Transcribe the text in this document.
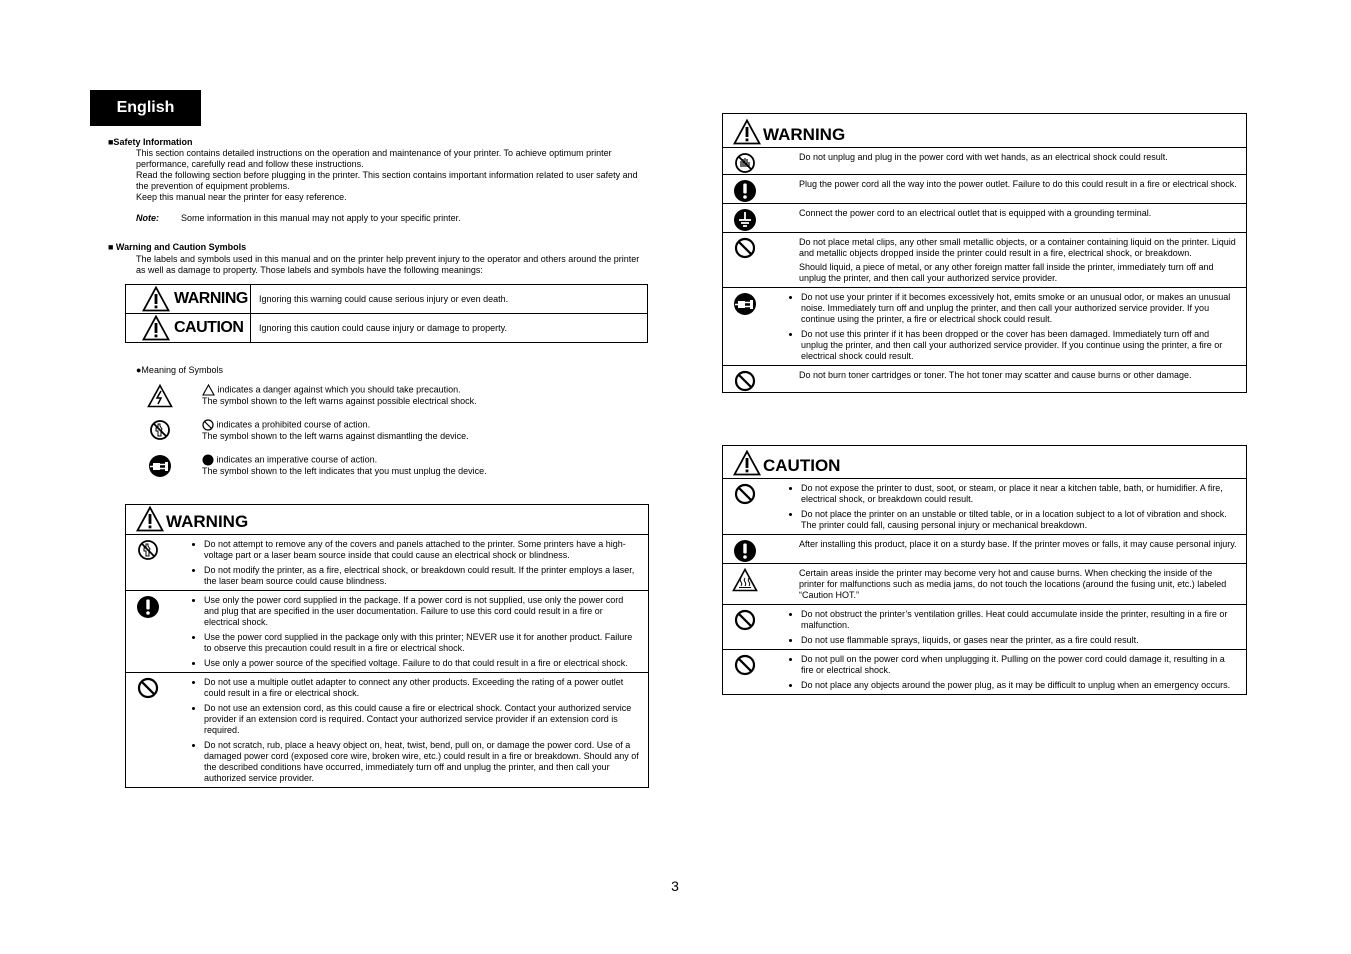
English
■Safety Information
This section contains detailed instructions on the operation and maintenance of your printer. To achieve optimum printer
performance, carefully read and follow these instructions.
Read the following section before plugging in the printer. This section contains important information related to user safety and
the prevention of equipment problems.
Keep this manual near the printer for easy reference.
Note: Some information in this manual may not apply to your specific printer.
■ Warning and Caution Symbols
The labels and symbols used in this manual and on the printer help prevent injury to the operator and others around the printer
as well as damage to property. Those labels and symbols have the following meanings:
WARNING	Ignoring this warning could cause serious injury or even death.

CAUTION	Ignoring this caution could cause injury or damage to property.
●Meaning of Symbols
indicates a danger against which you should take precaution.
The symbol shown to the left warns against possible electrical shock.
indicates a prohibited course of action.
The symbol shown to the left warns against dismantling the device.
indicates an imperative course of action.
The symbol shown to the left indicates that you must unplug the device.
WARNING
• Do not attempt to remove any of the covers and panels attached to the printer. Some printers have a high-voltage part or a laser beam source inside that could cause an electrical shock or blindness.
• Do not modify the printer, as a fire, electrical shock, or breakdown could result. If the printer employs a laser, the laser beam source could cause blindness.
• Use only the power cord supplied in the package. If a power cord is not supplied, use only the power cord and plug that are specified in the user documentation. Failure to use this cord could result in a fire or electrical shock.
• Use the power cord supplied in the package only with this printer; NEVER use it for another product. Failure to observe this precaution could result in a fire or electrical shock.
• Use only a power source of the specified voltage. Failure to do that could result in a fire or electrical shock.
• Do not use a multiple outlet adapter to connect any other products. Exceeding the rating of a power outlet could result in a fire or electrical shock.
• Do not use an extension cord, as this could cause a fire or electrical shock. Contact your authorized service provider if an extension cord is required. Contact your authorized service provider if an extension cord is required.
• Do not scratch, rub, place a heavy object on, heat, twist, bend, pull on, or damage the power cord. Use of a damaged power cord (exposed core wire, broken wire, etc.) could result in a fire or breakdown. Should any of the described conditions have occurred, immediately turn off and unplug the printer, and then call your authorized service provider.
WARNING

Do not unplug and plug in the power cord with wet hands, as an electrical shock could result.

Plug the power cord all the way into the power outlet. Failure to do this could result in a fire or electrical shock.

Connect the power cord to an electrical outlet that is equipped with a grounding terminal.

Do not place metal clips, any other small metallic objects, or a container containing liquid on the printer. Liquid and metallic objects dropped inside the printer could result in a fire, electrical shock, or breakdown.

Should liquid, a piece of metal, or any other foreign matter fall inside the printer, immediately turn off and unplug the printer, and then call your authorized service provider.

• Do not use your printer if it becomes excessively hot, emits smoke or an unusual odor, or makes an unusual noise. Immediately turn off and unplug the printer, and then call your authorized service provider. If you continue using the printer, a fire or electrical shock could result.
• Do not use this printer if it has been dropped or the cover has been damaged. Immediately turn off and unplug the printer, and then call your authorized service provider. If you continue using the printer, a fire or electrical shock could result.

Do not burn toner cartridges or toner. The hot toner may scatter and cause burns or other damage.

CAUTION
• Do not expose the printer to dust, soot, or steam, or place it near a kitchen table, bath, or humidifier. A fire, electrical shock, or breakdown could result.
• Do not place the printer on an unstable or tilted table, or in a location subject to a lot of vibration and shock. The printer could fall, causing personal injury or mechanical breakdown.

After installing this product, place it on a sturdy base. If the printer moves or falls, it may cause personal injury.

Certain areas inside the printer may become very hot and cause burns. When checking the inside of the printer for malfunctions such as media jams, do not touch the locations (around the fusing unit, etc.) labeled “Caution HOT.”

• Do not obstruct the printer’s ventilation grilles. Heat could accumulate inside the printer, resulting in a fire or malfunction.
• Do not use flammable sprays, liquids, or gases near the printer, as a fire could result.
• Do not pull on the power cord when unplugging it. Pulling on the power cord could damage it, resulting in a fire or electrical shock.
• Do not place any objects around the power plug, as it may be difficult to unplug when an emergency occurs.
3
